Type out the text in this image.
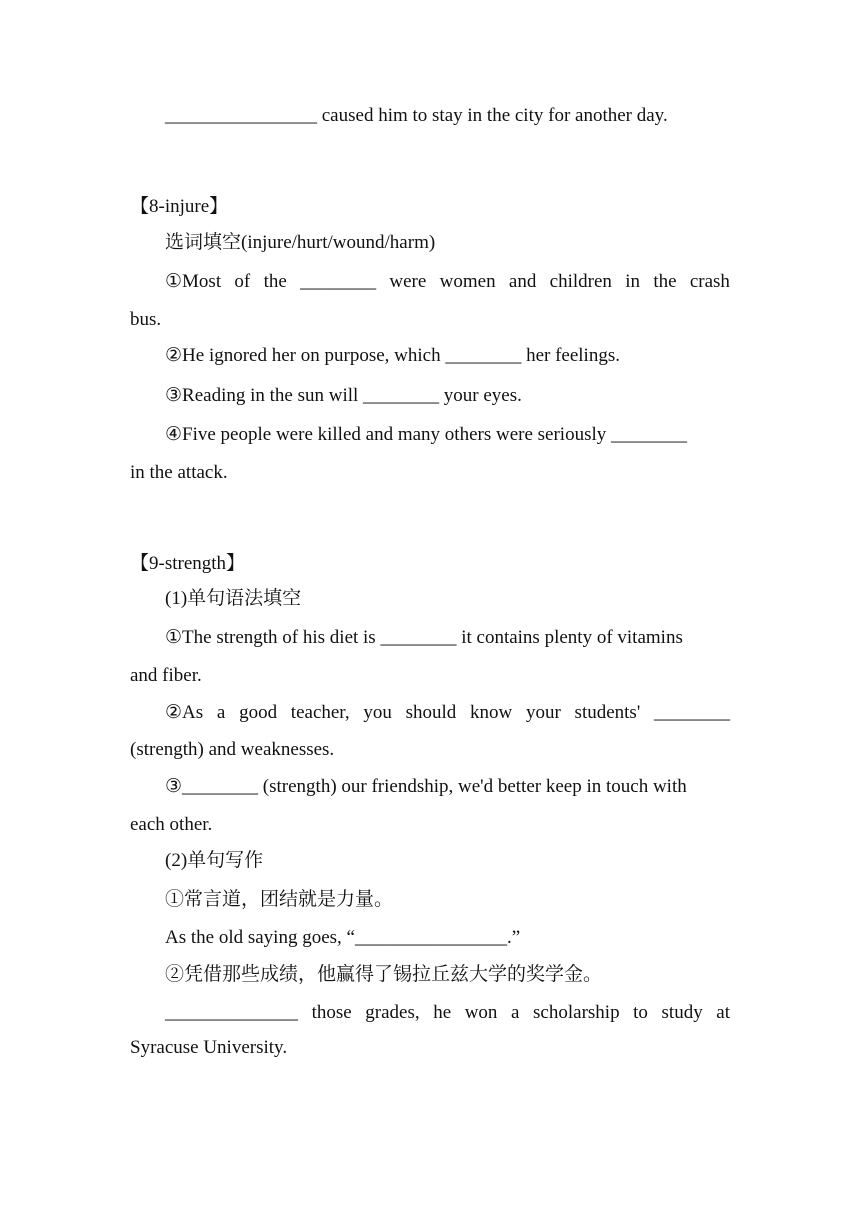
________________ caused him to stay in the city for another day.
【8-injure】
选词填空(injure/hurt/wound/harm)
①Most of the ________ were women and children in the crash
bus.
②He ignored her on purpose, which ________ her feelings.
③Reading in the sun will ________ your eyes.
④Five people were killed and many others were seriously ________
in the attack.
【9-strength】
(1)单句语法填空
①The strength of his diet is ________ it contains plenty of vitamins
and fiber.
②As a good teacher, you should know your students' ________
(strength) and weaknesses.
③________ (strength) our friendship, we'd better keep in touch with
each other.
(2)单句写作
①常言道，团结就是力量。
As the old saying goes, “________________.”
②凭借那些成绩，他赢得了锡拉丘兹大学的奖学金。
______________ those grades, he won a scholarship to study at
Syracuse University.
